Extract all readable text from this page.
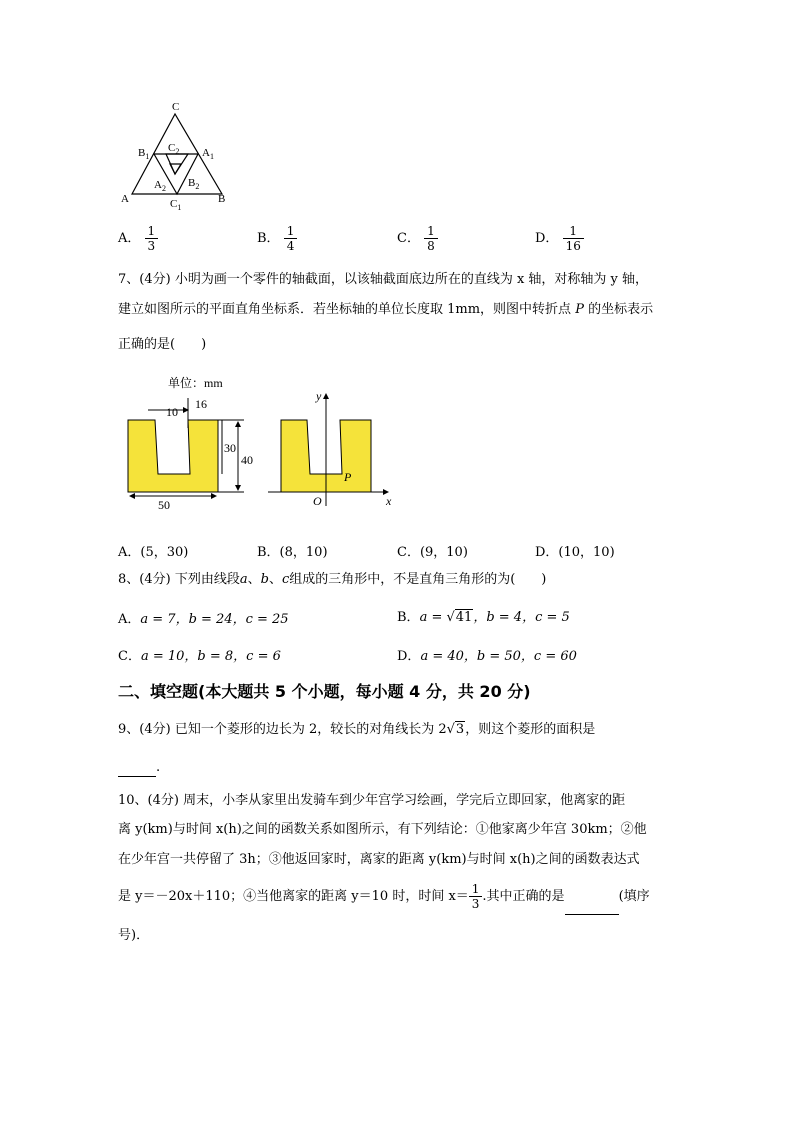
C
$B_1$
$C_2$ $A_1$
$A_2$ $B_2$
A	B
$C_1$
A． $\frac{1}{3}$	B． $\frac{1}{4}$	C． $\frac{1}{8}$	D． $\frac{1}{16}$
7、(4分) 小明为画一个零件的轴截面，以该轴截面底边所在的直线为 x 轴，对称轴为 y 轴，
建立如图所示的平面直角坐标系．若坐标轴的单位长度取 1mm，则图中转折点 P 的坐标表示
正确的是(　　)
单位：mm
10
16
30
40
50
y
x
O
P
A．(5，30)	B．(8，10)	C．(9，10)	D．(10，10)
8、(4分) 下列由线段a、b、c组成的三角形中，不是直角三角形的为(　　)
A．a = 7，b = 24，c = 25	B．a = √41，b = 4，c = 5
C．a = 10，b = 8，c = 6	D．a = 40，b = 50，c = 60
二、填空题(本大题共 5 个小题，每小题 4 分，共 20 分)
9、(4分) 已知一个菱形的边长为 2，较长的对角线长为 2√3，则这个菱形的面积是
.
10、(4分) 周末，小李从家里出发骑车到少年宫学习绘画，学完后立即回家，他离家的距
离 y(km)与时间 x(h)之间的函数关系如图所示，有下列结论：①他家离少年宫 30km；②他
在少年宫一共停留了 3h；③他返回家时，离家的距离 y(km)与时间 x(h)之间的函数表达式
是 y＝－20x＋110；④当他离家的距离 y＝10 时，时间 $x= \frac{1}{3}$ .其中正确的是	(填序
号)．
